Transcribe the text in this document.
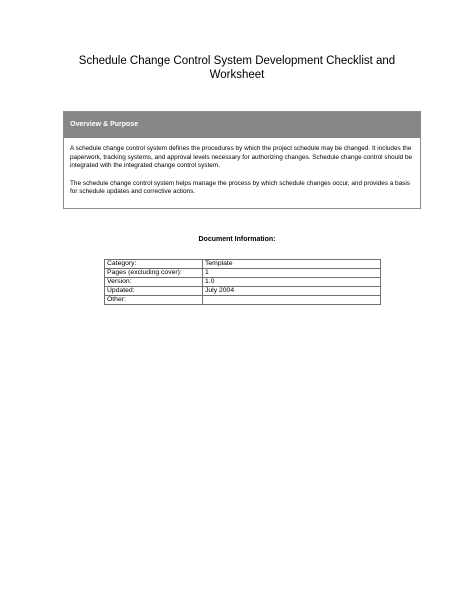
Schedule Change Control System Development Checklist and Worksheet
Overview & Purpose

A schedule change control system defines the procedures by which the project schedule may be changed. It includes the paperwork, tracking systems, and approval levels necessary for authorizing changes. Schedule change control should be integrated with the integrated change control system.

The schedule change control system helps manage the process by which schedule changes occur, and provides a basis for schedule updates and corrective actions.

Document Information:
Category:	Template
Pages (excluding cover):	1
Version:	1.0
Updated:	July 2004
Other:	
